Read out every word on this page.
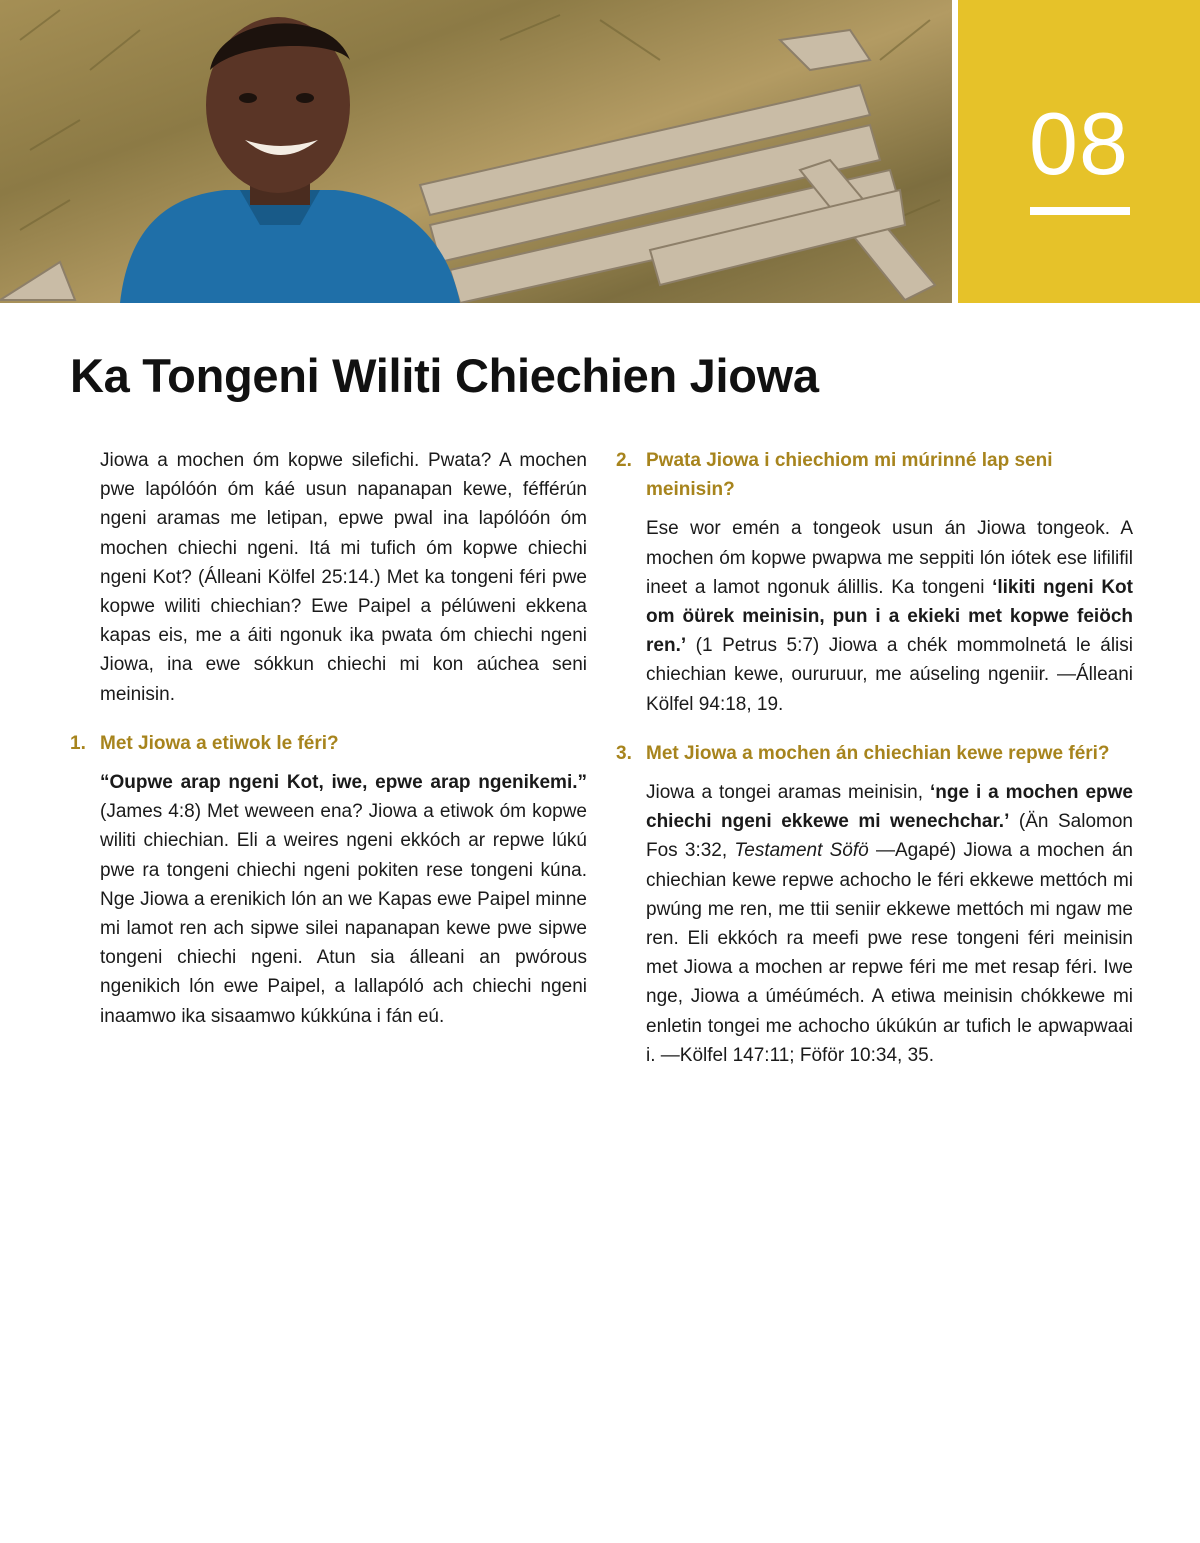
08
Ka Tongeni Wiliti Chiechien Jiowa

Jiowa a mochen óm kopwe silefichi. Pwata? A mochen pwe lapólóón óm káé usun napanapan kewe, féfférún ngeni aramas me letipan, epwe pwal ina lapólóón óm mochen chiechi ngeni. Itá mi tufich óm kopwe chiechi ngeni Kot? (Álleani Kölfel 25:14.) Met ka tongeni féri pwe kopwe wiliti chiechian? Ewe Paipel a pélúweni ekkena kapas eis, me a áiti ngonuk ika pwata óm chiechi ngeni Jiowa, ina ewe sókkun chiechi mi kon aúchea seni meinisin.

1. Met Jiowa a etiwok le féri?

“Oupwe arap ngeni Kot, iwe, epwe arap ngenikemi.” (James 4:8) Met weween ena? Jiowa a etiwok óm kopwe wiliti chiechian. Eli a weires ngeni ekkóch ar repwe lúkú pwe ra tongeni chiechi ngeni pokiten rese tongeni kúna. Nge Jiowa a erenikich lón an we Kapas ewe Paipel minne mi lamot ren ach sipwe silei napanapan kewe pwe sipwe tongeni chiechi ngeni. Atun sia álleani an pwórous ngenikich lón ewe Paipel, a lallapóló ach chiechi ngeni inaamwo ika sisaamwo kúkkúna i fán eú.

2. Pwata Jiowa i chiechiom mi múrinné lap seni meinisin?

Ese wor emén a tongeok usun án Jiowa tongeok. A mochen óm kopwe pwapwa me seppiti lón iótek ese lifilifil ineet a lamot ngonuk álillis. Ka tongeni ‘likiti ngeni Kot om öürek meinisin, pun i a ekieki met kopwe feiöch ren.’ (1 Petrus 5:7) Jiowa a chék mommolnetá le álisi chiechian kewe, oururuur, me aúseling ngeniir. —Álleani Kölfel 94:18, 19.

3. Met Jiowa a mochen án chiechian kewe repwe féri?

Jiowa a tongei aramas meinisin, ‘nge i a mochen epwe chiechi ngeni ekkewe mi wenechchar.’ (Än Salomon Fos 3:32, Testament Söfö —Agapé) Jiowa a mochen án chiechian kewe repwe achocho le féri ekkewe mettóch mi pwúng me ren, me ttii seniir ekkewe mettóch mi ngaw me ren. Eli ekkóch ra meefi pwe rese tongeni féri meinisin met Jiowa a mochen ar repwe féri me met resap féri. Iwe nge, Jiowa a úméúméch. A etiwa meinisin chókkewe mi enletin tongei me achocho úkúkún ar tufich le apwapwaai i. —Kölfel 147:11; Föför 10:34, 35.
